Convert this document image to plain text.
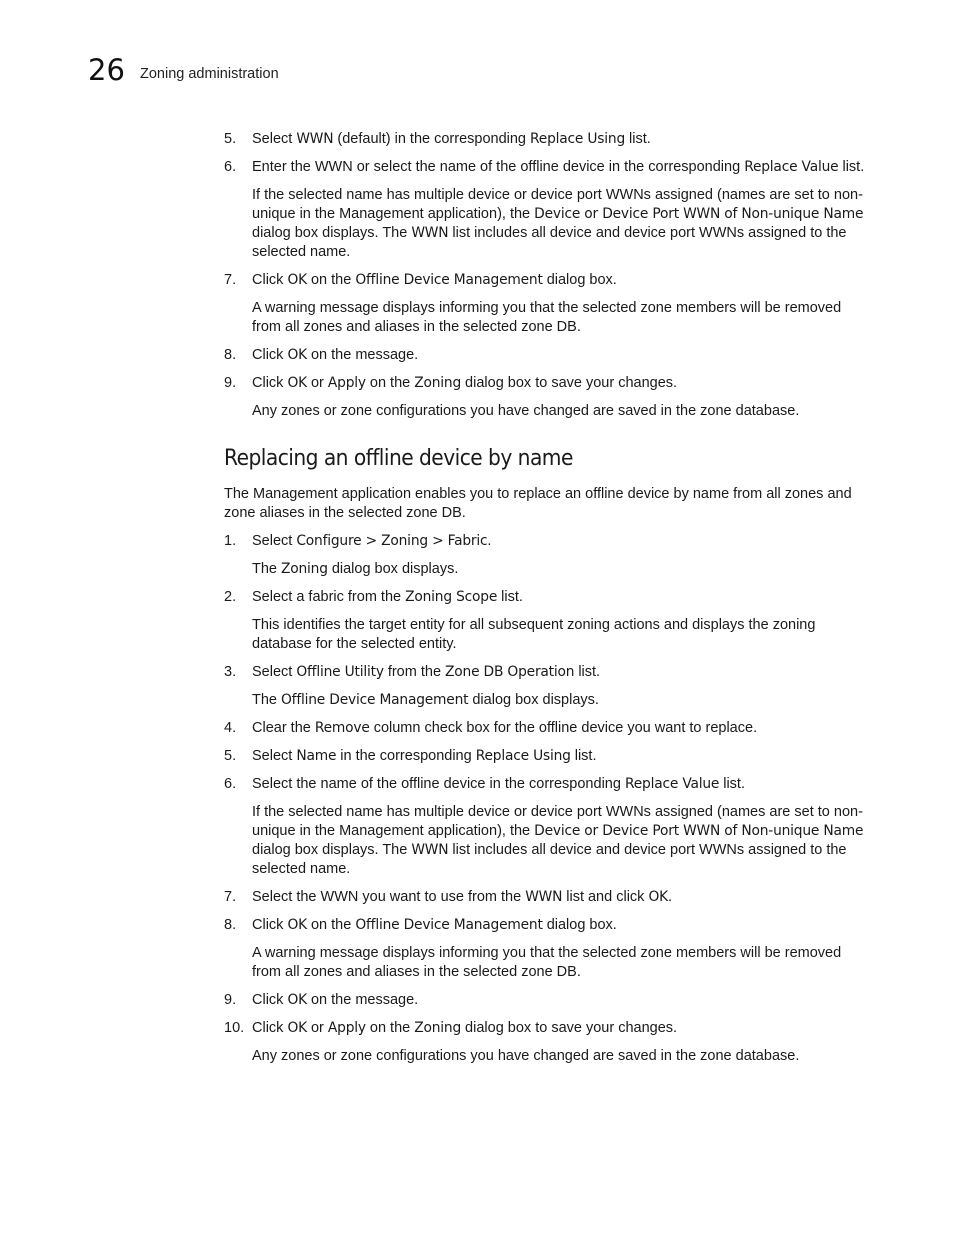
26 Zoning administration
5. Select WWN (default) in the corresponding Replace Using list.
6. Enter the WWN or select the name of the offline device in the corresponding Replace Value list.
If the selected name has multiple device or device port WWNs assigned (names are set to non-unique in the Management application), the Device or Device Port WWN of Non-unique Name dialog box displays. The WWN list includes all device and device port WWNs assigned to the selected name.
7. Click OK on the Offline Device Management dialog box.
A warning message displays informing you that the selected zone members will be removed from all zones and aliases in the selected zone DB.
8. Click OK on the message.
9. Click OK or Apply on the Zoning dialog box to save your changes.
Any zones or zone configurations you have changed are saved in the zone database.
Replacing an offline device by name
The Management application enables you to replace an offline device by name from all zones and zone aliases in the selected zone DB.
1. Select Configure > Zoning > Fabric.
The Zoning dialog box displays.
2. Select a fabric from the Zoning Scope list.
This identifies the target entity for all subsequent zoning actions and displays the zoning database for the selected entity.
3. Select Offline Utility from the Zone DB Operation list.
The Offline Device Management dialog box displays.
4. Clear the Remove column check box for the offline device you want to replace.
5. Select Name in the corresponding Replace Using list.
6. Select the name of the offline device in the corresponding Replace Value list.
If the selected name has multiple device or device port WWNs assigned (names are set to non-unique in the Management application), the Device or Device Port WWN of Non-unique Name dialog box displays. The WWN list includes all device and device port WWNs assigned to the selected name.
7. Select the WWN you want to use from the WWN list and click OK.
8. Click OK on the Offline Device Management dialog box.
A warning message displays informing you that the selected zone members will be removed from all zones and aliases in the selected zone DB.
9. Click OK on the message.
10. Click OK or Apply on the Zoning dialog box to save your changes.
Any zones or zone configurations you have changed are saved in the zone database.
